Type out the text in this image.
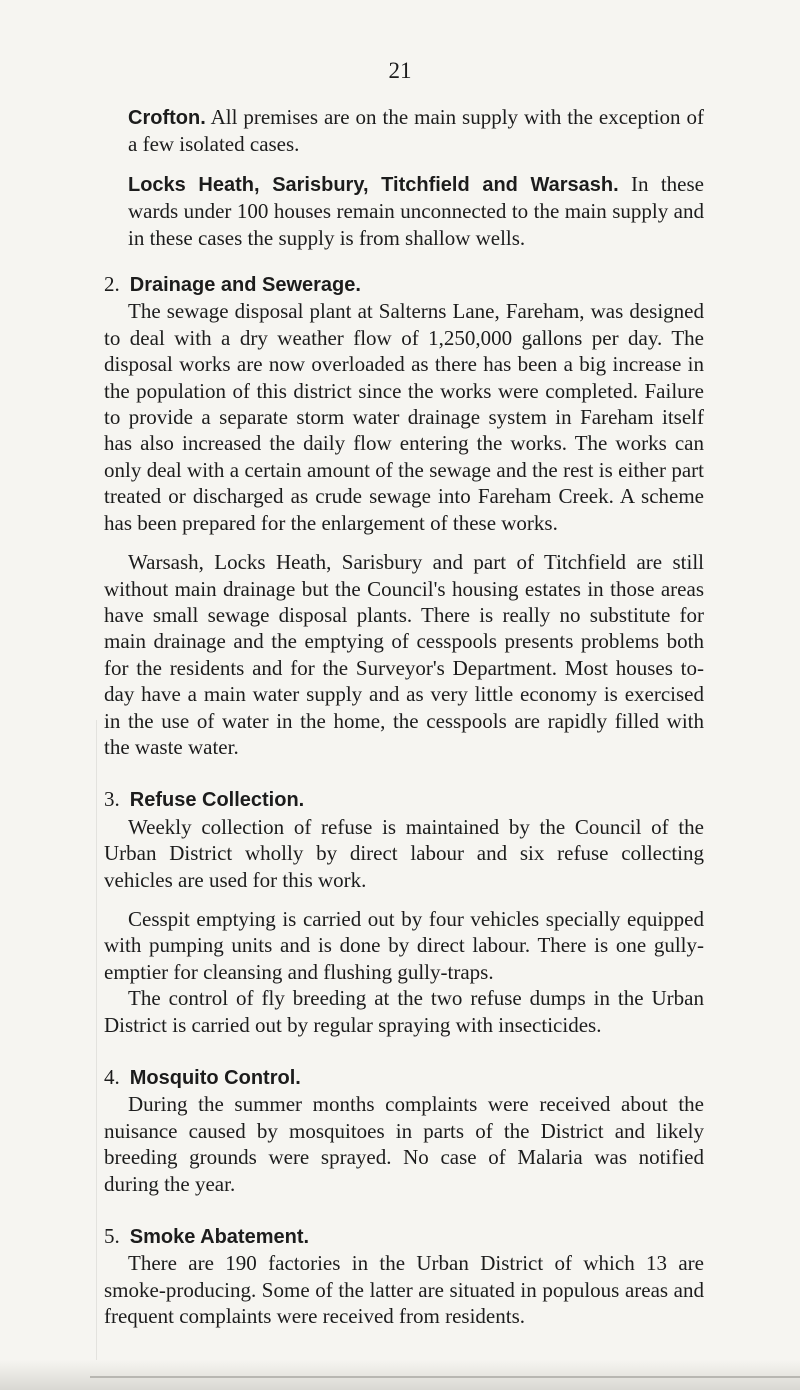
21
Crofton. All premises are on the main supply with the exception of a few isolated cases.
Locks Heath, Sarisbury, Titchfield and Warsash. In these wards under 100 houses remain unconnected to the main supply and in these cases the supply is from shallow wells.
2. Drainage and Sewerage.

The sewage disposal plant at Salterns Lane, Fareham, was designed to deal with a dry weather flow of 1,250,000 gallons per day. The disposal works are now overloaded as there has been a big increase in the population of this district since the works were completed. Failure to provide a separate storm water drainage system in Fareham itself has also increased the daily flow entering the works. The works can only deal with a certain amount of the sewage and the rest is either part treated or discharged as crude sewage into Fareham Creek. A scheme has been prepared for the enlargement of these works.

Warsash, Locks Heath, Sarisbury and part of Titchfield are still without main drainage but the Council's housing estates in those areas have small sewage disposal plants. There is really no substitute for main drainage and the emptying of cesspools presents problems both for the residents and for the Surveyor's Department. Most houses to-day have a main water supply and as very little economy is exercised in the use of water in the home, the cesspools are rapidly filled with the waste water.

3. Refuse Collection.

Weekly collection of refuse is maintained by the Council of the Urban District wholly by direct labour and six refuse collecting vehicles are used for this work.

Cesspit emptying is carried out by four vehicles specially equipped with pumping units and is done by direct labour. There is one gully-emptier for cleansing and flushing gully-traps.

The control of fly breeding at the two refuse dumps in the Urban District is carried out by regular spraying with insecticides.

4. Mosquito Control.

During the summer months complaints were received about the nuisance caused by mosquitoes in parts of the District and likely breeding grounds were sprayed. No case of Malaria was notified during the year.

5. Smoke Abatement.

There are 190 factories in the Urban District of which 13 are smoke-producing. Some of the latter are situated in populous areas and frequent complaints were received from residents.
